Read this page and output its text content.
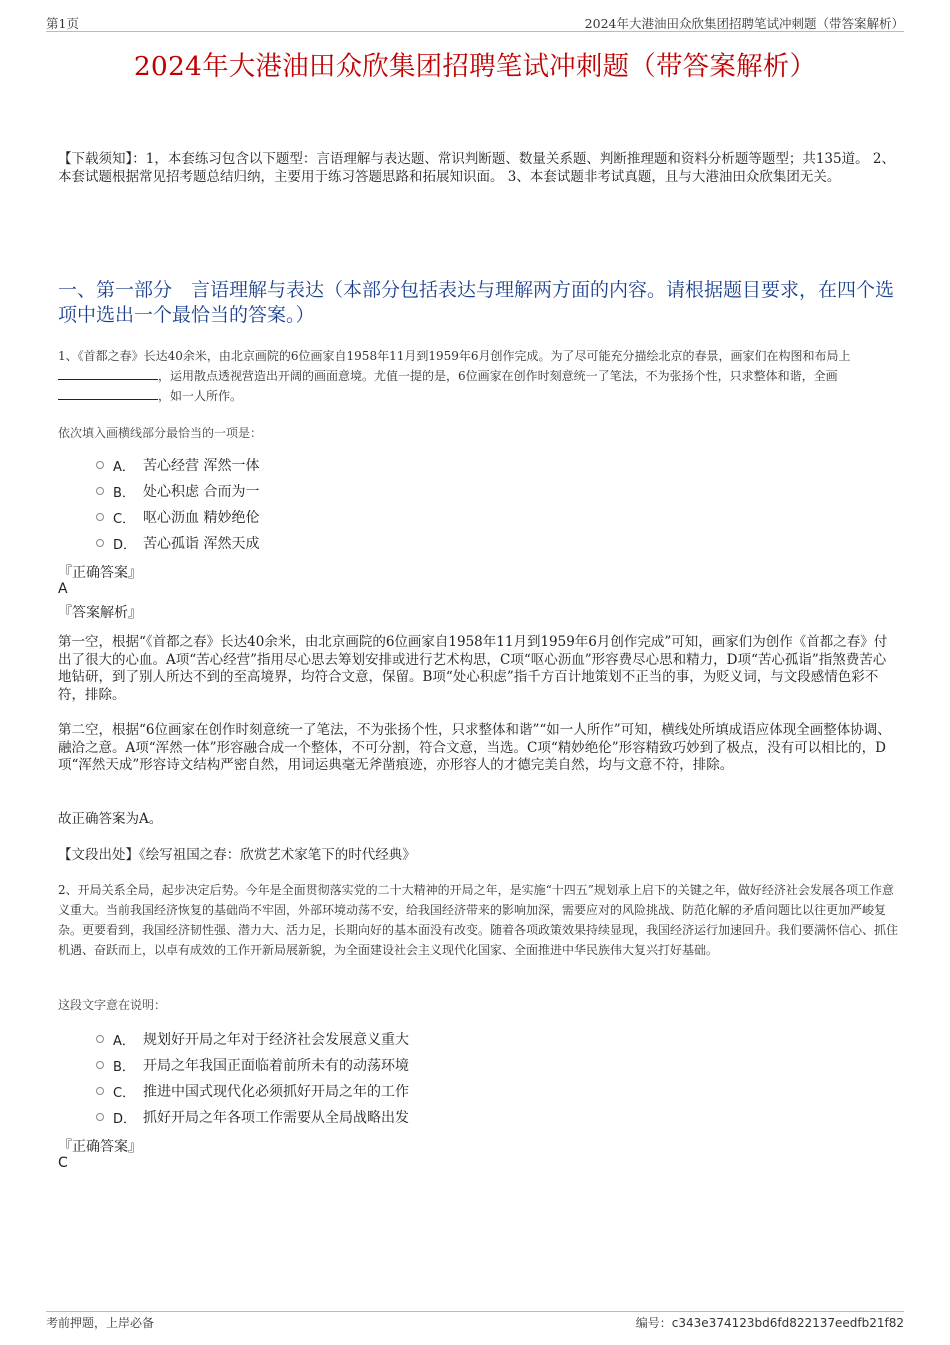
第1页	2024年大港油田众欣集团招聘笔试冲刺题（带答案解析）
2024年大港油田众欣集团招聘笔试冲刺题（带答案解析）
【下载须知】：1，本套练习包含以下题型：言语理解与表达题、常识判断题、数量关系题、判断推理题和资料分析题等题型；共135道。 2、本套试题根据常见招考题总结归纳，主要用于练习答题思路和拓展知识面。 3、本套试题非考试真题，且与大港油田众欣集团无关。
一、第一部分　言语理解与表达（本部分包括表达与理解两方面的内容。请根据题目要求，在四个选项中选出一个最恰当的答案。）
1、《首都之春》长达40余米，由北京画院的6位画家自1958年11月到1959年6月创作完成。为了尽可能充分描绘北京的春景，画家们在构图和布局上，运用散点透视营造出开阔的画面意境。尤值一提的是，6位画家在创作时刻意统一了笔法，不为张扬个性，只求整体和谐，全画，如一人所作。
依次填入画横线部分最恰当的一项是：
A． 苦心经营 浑然一体
B． 处心积虑 合而为一
C． 呕心沥血 精妙绝伦
D． 苦心孤诣 浑然天成
『正确答案』
A
『答案解析』
第一空，根据“《首都之春》长达40余米，由北京画院的6位画家自1958年11月到1959年6月创作完成”可知，画家们为创作《首都之春》付出了很大的心血。A项“苦心经营”指用尽心思去筹划安排或进行艺术构思，C项“呕心沥血”形容费尽心思和精力，D项“苦心孤诣”指煞费苦心地钻研，到了别人所达不到的至高境界，均符合文意，保留。B项“处心积虑”指千方百计地策划不正当的事，为贬义词，与文段感情色彩不符，排除。
第二空，根据“6位画家在创作时刻意统一了笔法，不为张扬个性，只求整体和谐”“如一人所作”可知，横线处所填成语应体现全画整体协调、融洽之意。A项“浑然一体”形容融合成一个整体，不可分割，符合文意，当选。C项“精妙绝伦”形容精致巧妙到了极点，没有可以相比的，D项“浑然天成”形容诗文结构严密自然，用词运典毫无斧凿痕迹，亦形容人的才德完美自然，均与文意不符，排除。
故正确答案为A。
【文段出处】《绘写祖国之春：欣赏艺术家笔下的时代经典》
2、开局关系全局，起步决定后势。今年是全面贯彻落实党的二十大精神的开局之年，是实施“十四五”规划承上启下的关键之年，做好经济社会发展各项工作意义重大。当前我国经济恢复的基础尚不牢固，外部环境动荡不安，给我国经济带来的影响加深，需要应对的风险挑战、防范化解的矛盾问题比以往更加严峻复杂。更要看到，我国经济韧性强、潜力大、活力足，长期向好的基本面没有改变。随着各项政策效果持续显现，我国经济运行加速回升。我们要满怀信心、抓住机遇、奋跃而上，以卓有成效的工作开新局展新貌，为全面建设社会主义现代化国家、全面推进中华民族伟大复兴打好基础。
这段文字意在说明：
A． 规划好开局之年对于经济社会发展意义重大
B． 开局之年我国正面临着前所未有的动荡环境
C． 推进中国式现代化必须抓好开局之年的工作
D． 抓好开局之年各项工作需要从全局战略出发
『正确答案』
C
考前押题，上岸必备	编号：c343e374123bd6fd822137eedfb21f82
